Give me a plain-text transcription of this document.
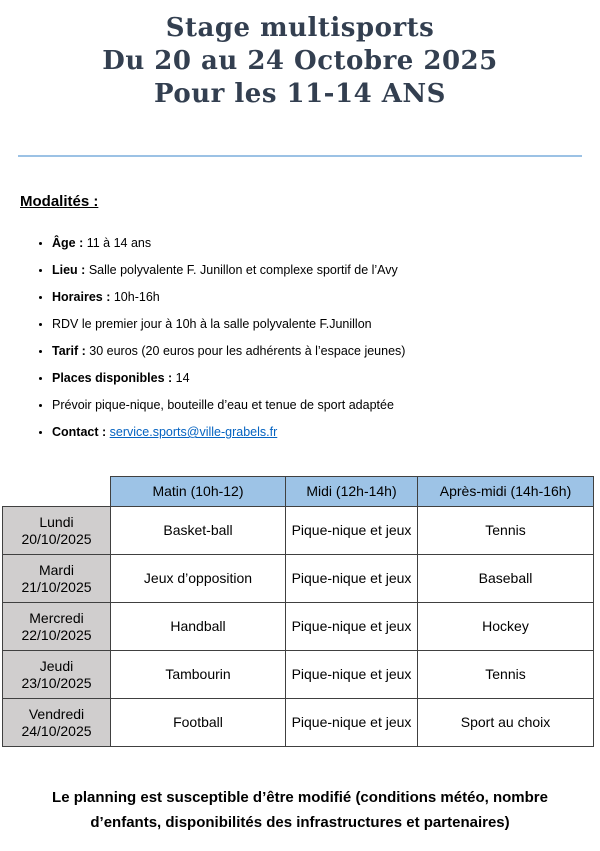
Stage multisports
Du 20 au 24 Octobre 2025
Pour les 11-14 ANS
Modalités :
• Âge : 11 à 14 ans
• Lieu : Salle polyvalente F. Junillon et complexe sportif de l’Avy
• Horaires : 10h-16h
• RDV le premier jour à 10h à la salle polyvalente F.Junillon
• Tarif : 30 euros (20 euros pour les adhérents à l’espace jeunes)
• Places disponibles : 14
• Prévoir pique-nique, bouteille d’eau et tenue de sport adaptée
• Contact : service.sports@ville-grabels.fr
	Matin (10h-12)	Midi (12h-14h)	Après-midi (14h-16h)

Lundi
20/10/2025	Basket-ball	Pique-nique et jeux	Tennis

Mardi
21/10/2025	Jeux d’opposition	Pique-nique et jeux	Baseball

Mercredi
22/10/2025	Handball	Pique-nique et jeux	Hockey

Jeudi
23/10/2025	Tambourin	Pique-nique et jeux	Tennis

Vendredi
24/10/2025	Football	Pique-nique et jeux	Sport au choix
Le planning est susceptible d’être modifié (conditions météo, nombre
d’enfants, disponibilités des infrastructures et partenaires)
